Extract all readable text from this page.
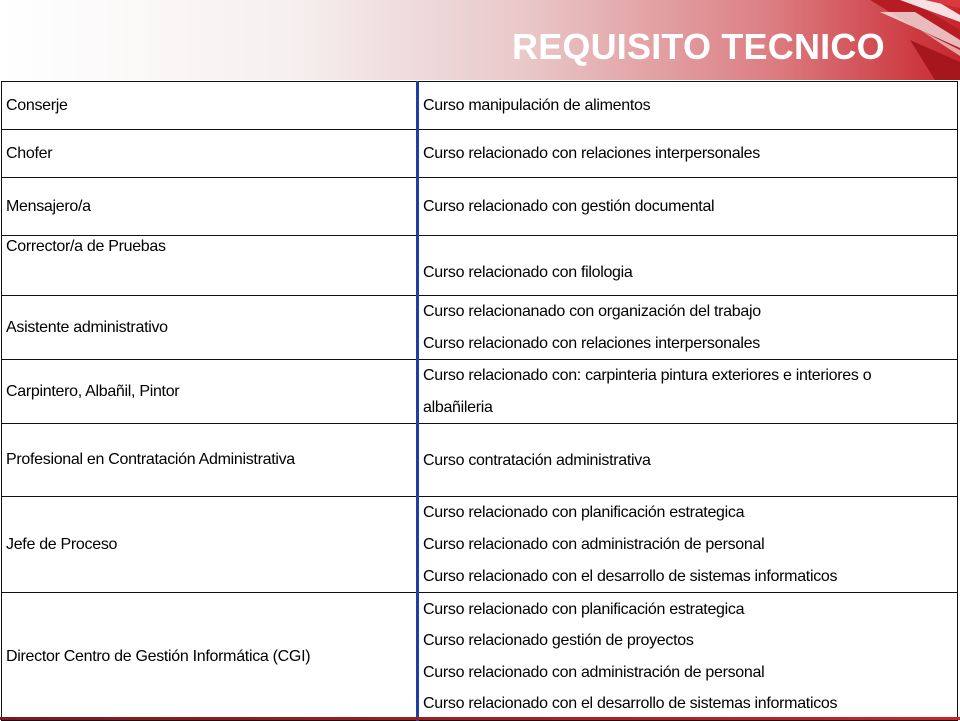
REQUISITO TECNICO
Conserje	Curso manipulación de alimentos

Chofer	Curso relacionado con relaciones interpersonales

Mensajero/a	Curso relacionado con gestión documental

Corrector/a de Pruebas	Curso relacionado con filologia

Asistente administrativo	Curso relacionanado con organización del trabajo
Curso relacionado con relaciones interpersonales

Carpintero, Albañil, Pintor	Curso relacionado con: carpinteria pintura exteriores e interiores o
albañileria

Profesional en Contratación Administrativa	Curso contratación administrativa

Jefe de Proceso	Curso relacionado con planificación estrategica
Curso relacionado con administración de personal
Curso relacionado con el desarrollo de sistemas informaticos

Director Centro de Gestión Informática (CGI)	Curso relacionado con planificación estrategica
Curso relacionado gestión de proyectos
Curso relacionado con administración de personal
Curso relacionado con el desarrollo de sistemas informaticos
